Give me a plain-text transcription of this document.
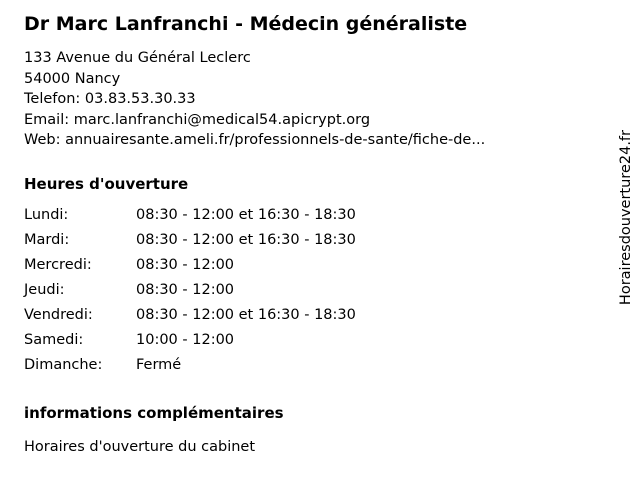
Dr Marc Lanfranchi - Médecin généraliste
133 Avenue du Général Leclerc
54000 Nancy
Telefon: 03.83.53.30.33
Email: marc.lanfranchi@medical54.apicrypt.org
Web: annuairesante.ameli.fr/professionnels-de-sante/fiche-de...
Heures d'ouverture
Lundi:	08:30 - 12:00 et 16:30 - 18:30
Mardi:	08:30 - 12:00 et 16:30 - 18:30
Mercredi:	08:30 - 12:00
Jeudi:	08:30 - 12:00
Vendredi:	08:30 - 12:00 et 16:30 - 18:30
Samedi:	10:00 - 12:00
Dimanche:	Fermé
informations complémentaires
Horaires d'ouverture du cabinet
Horairesdouverture24.fr
